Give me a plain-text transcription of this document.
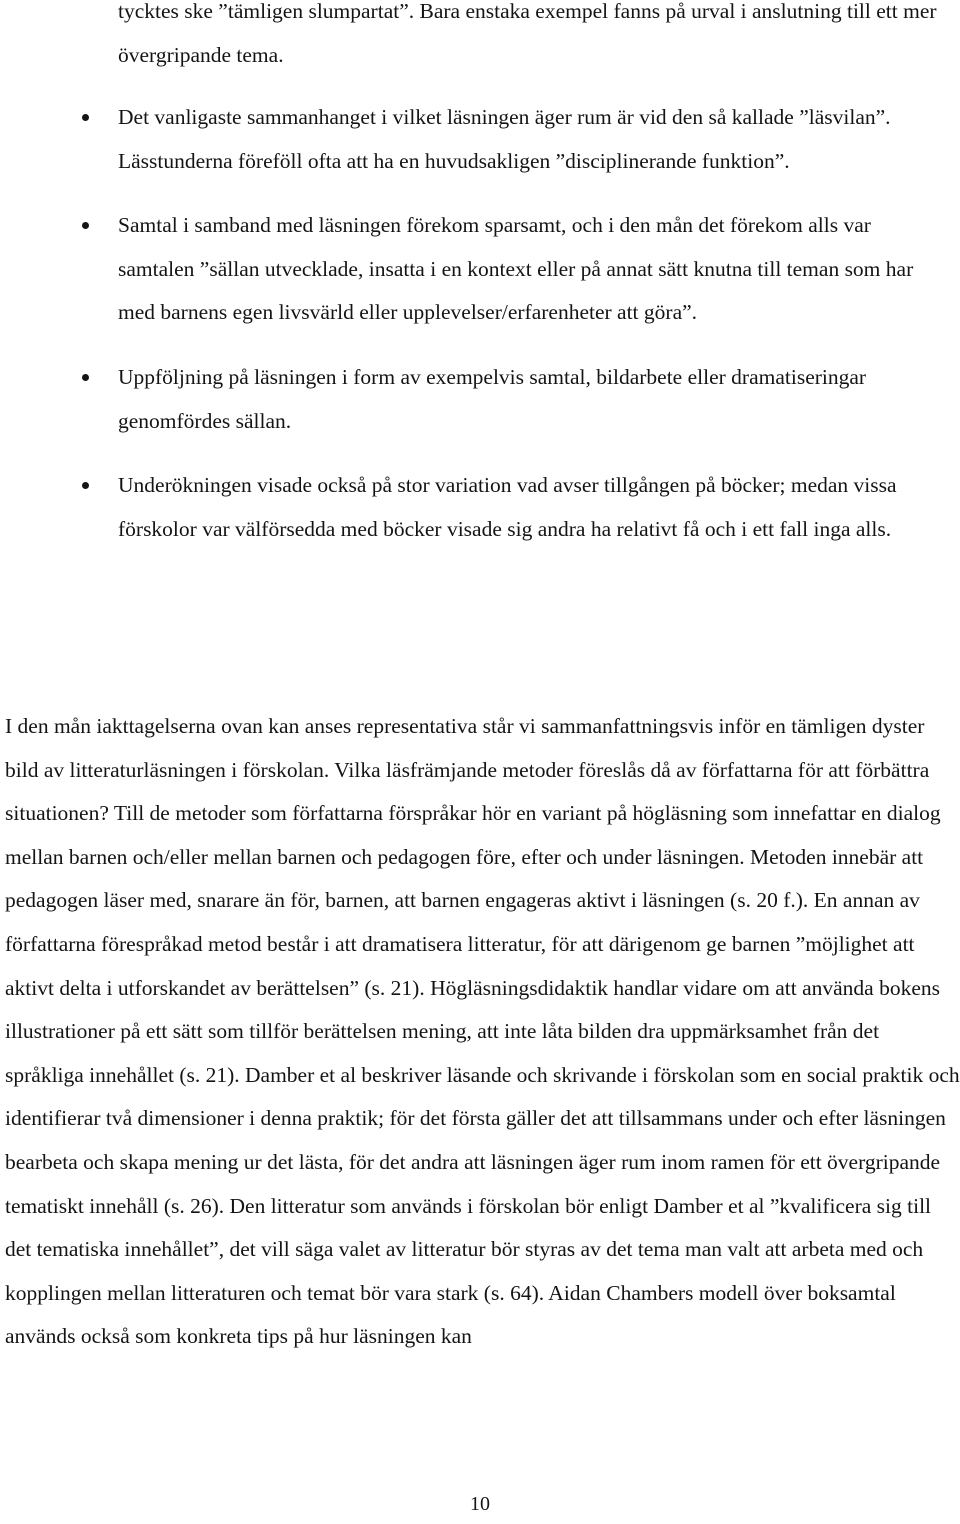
tycktes ske ”tämligen slumpartat”. Bara enstaka exempel fanns på urval i anslutning till ett mer övergripande tema.

Det vanligaste sammanhanget i vilket läsningen äger rum är vid den så kallade ”läsvilan”. Lässtunderna föreföll ofta att ha en huvudsakligen ”disciplinerande funktion”.
Samtal i samband med läsningen förekom sparsamt, och i den mån det förekom alls var samtalen ”sällan utvecklade, insatta i en kontext eller på annat sätt knutna till teman som har med barnens egen livsvärld eller upplevelser/erfarenheter att göra”.
Uppföljning på läsningen i form av exempelvis samtal, bildarbete eller dramatiseringar genomfördes sällan.
Underökningen visade också på stor variation vad avser tillgången på böcker; medan vissa förskolor var välförsedda med böcker visade sig andra ha relativt få och i ett fall inga alls.

I den mån iakttagelserna ovan kan anses representativa står vi sammanfattningsvis inför en tämligen dyster bild av litteraturläsningen i förskolan. Vilka läsfrämjande metoder föreslås då av författarna för att förbättra situationen? Till de metoder som författarna förspråkar hör en variant på högläsning som innefattar en dialog mellan barnen och/eller mellan barnen och pedagogen före, efter och under läsningen. Metoden innebär att pedagogen läser med, snarare än för, barnen, att barnen engageras aktivt i läsningen (s. 20 f.). En annan av författarna förespråkad metod består i att dramatisera litteratur, för att därigenom ge barnen ”möjlighet att aktivt delta i utforskandet av berättelsen” (s. 21). Högläsningsdidaktik handlar vidare om att använda bokens illustrationer på ett sätt som tillför berättelsen mening, att inte låta bilden dra uppmärksamhet från det språkliga innehållet (s. 21). Damber et al beskriver läsande och skrivande i förskolan som en social praktik och identifierar två dimensioner i denna praktik; för det första gäller det att tillsammans under och efter läsningen bearbeta och skapa mening ur det lästa, för det andra att läsningen äger rum inom ramen för ett övergripande tematiskt innehåll (s. 26). Den litteratur som används i förskolan bör enligt Damber et al ”kvalificera sig till det tematiska innehållet”, det vill säga valet av litteratur bör styras av det tema man valt att arbeta med och kopplingen mellan litteraturen och temat bör vara stark (s. 64). Aidan Chambers modell över boksamtal används också som konkreta tips på hur läsningen kan

10
